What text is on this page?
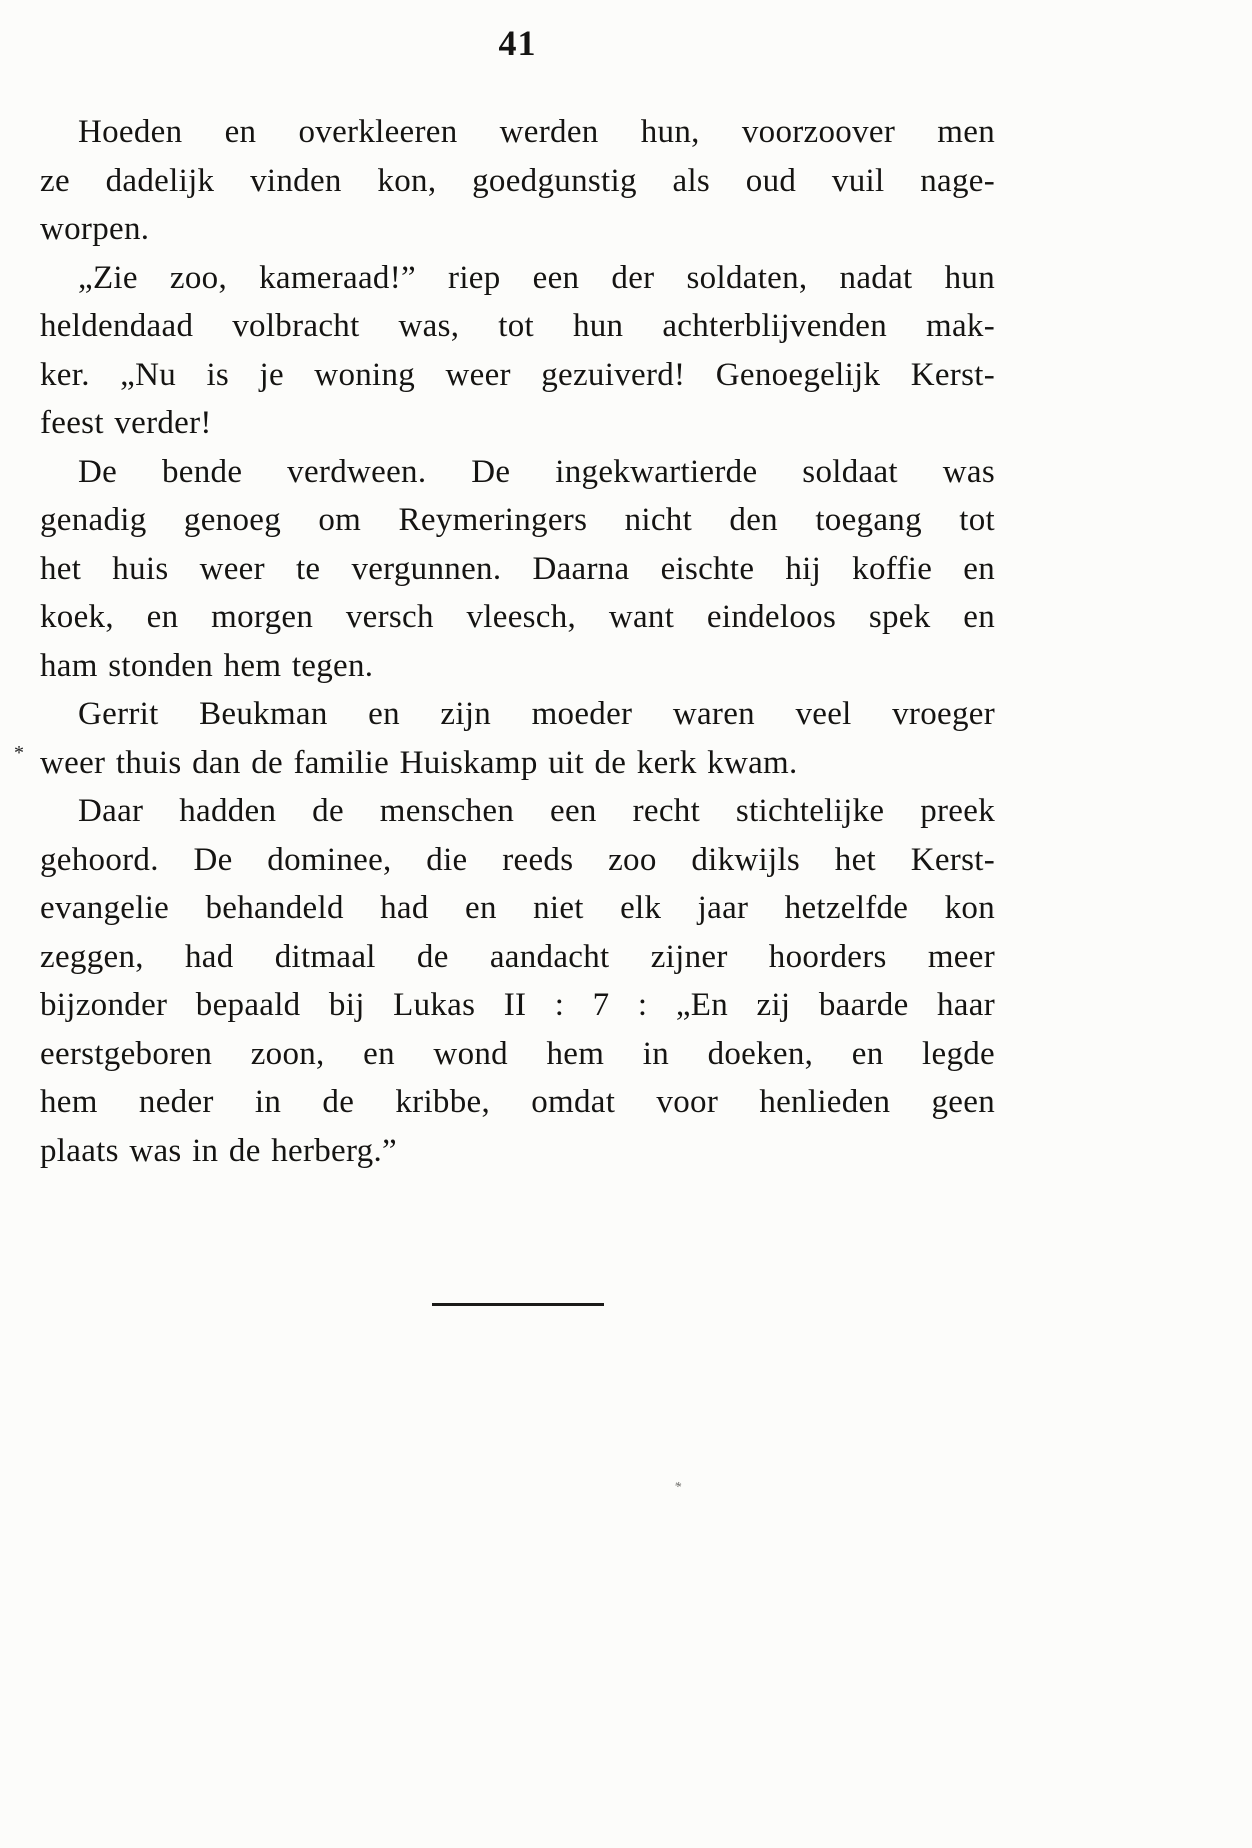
*
41
Hoeden en overkleeren werden hun, voorzoover men
ze dadelijk vinden kon, goedgunstig als oud vuil nage-
worpen.
„Zie zoo, kameraad!” riep een der soldaten, nadat hun
heldendaad volbracht was, tot hun achterblijvenden mak-
ker. „Nu is je woning weer gezuiverd! Genoegelijk Kerst-
feest verder!
De bende verdween. De ingekwartierde soldaat was
genadig genoeg om Reymeringers nicht den toegang tot
het huis weer te vergunnen. Daarna eischte hij koffie en
koek, en morgen versch vleesch, want eindeloos spek en
ham stonden hem tegen.
Gerrit Beukman en zijn moeder waren veel vroeger
weer thuis dan de familie Huiskamp uit de kerk kwam.
Daar hadden de menschen een recht stichtelijke preek
gehoord. De dominee, die reeds zoo dikwijls het Kerst-
evangelie behandeld had en niet elk jaar hetzelfde kon
zeggen, had ditmaal de aandacht zijner hoorders meer
bijzonder bepaald bij Lukas II : 7 : „En zij baarde haar
eerstgeboren zoon, en wond hem in doeken, en legde
hem neder in de kribbe, omdat voor henlieden geen
plaats was in de herberg.”
*
